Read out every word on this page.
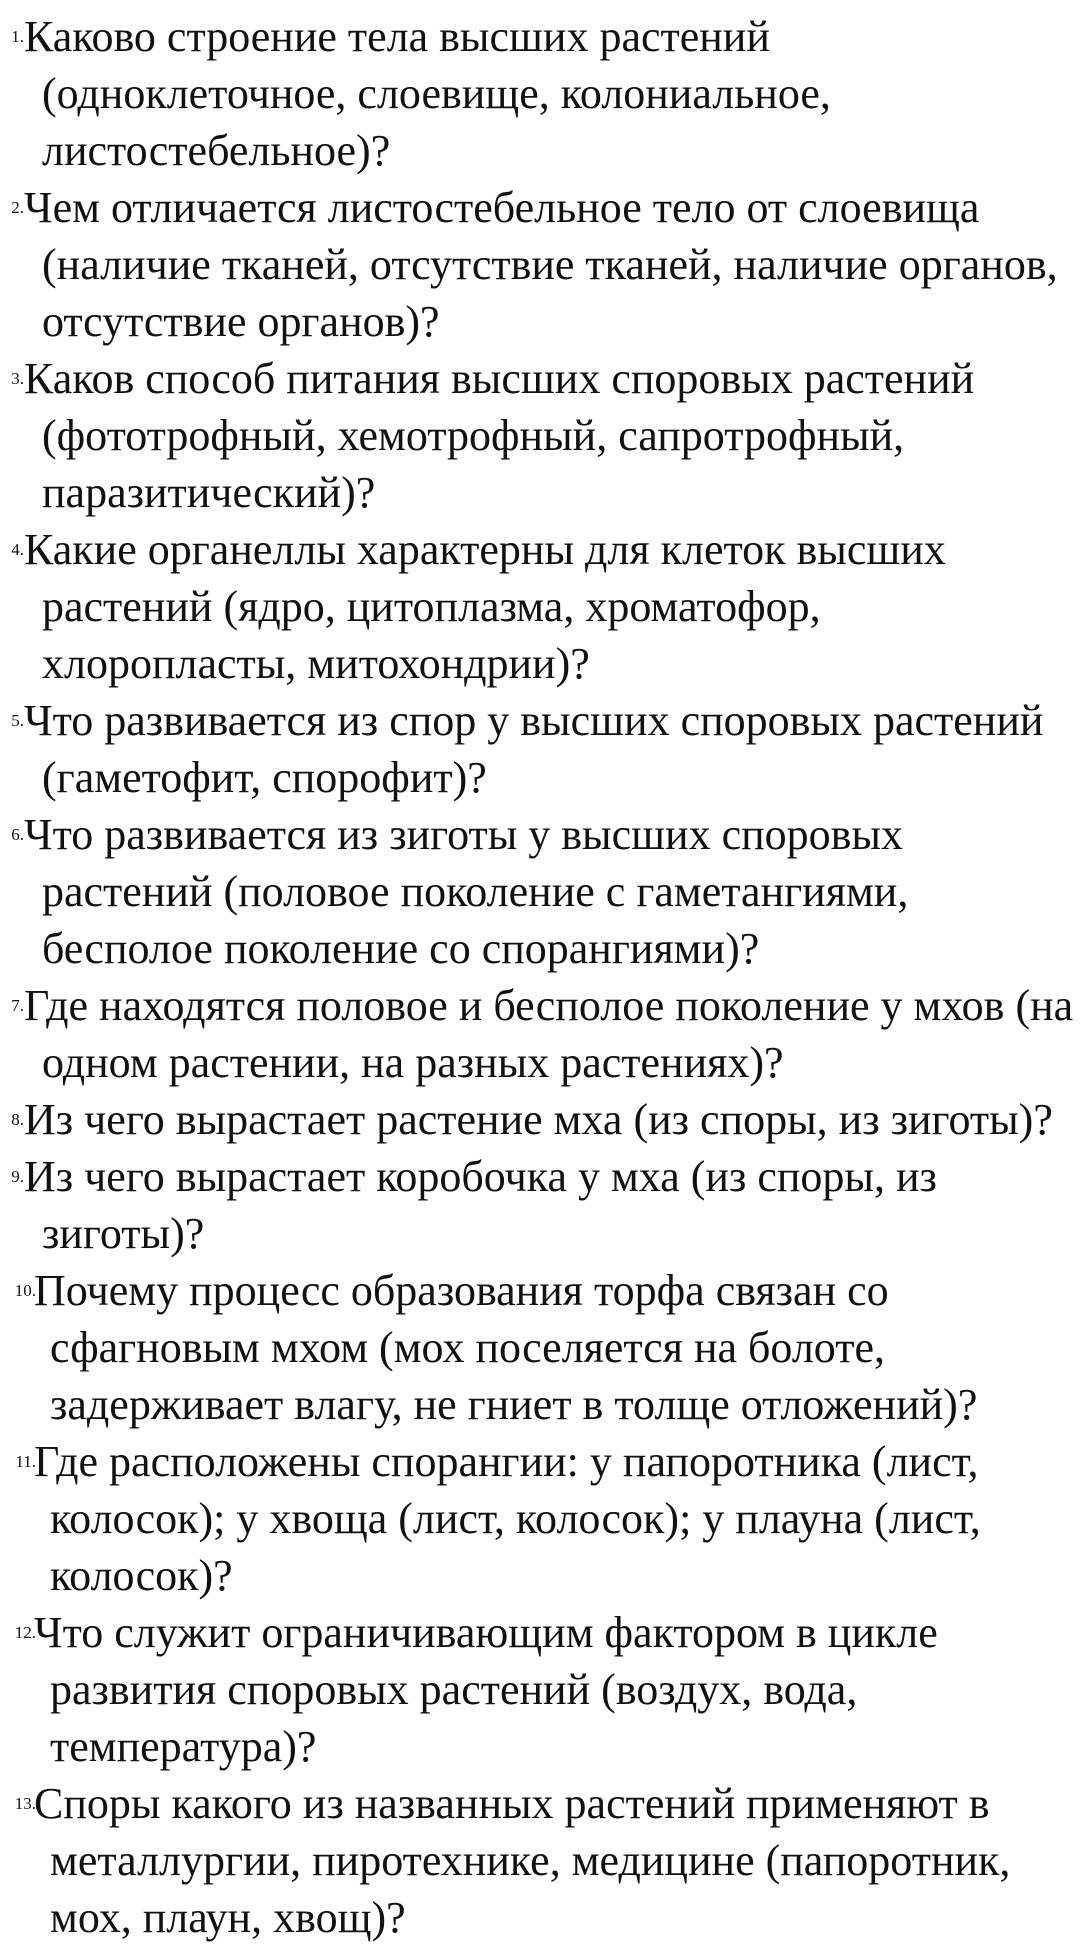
1. Каково строение тела высших растений
(одноклеточное, слоевище, колониальное,
листостебельное)?
2. Чем отличается листостебельное тело от слоевища
(наличие тканей, отсутствие тканей, наличие органов,
отсутствие органов)?
3. Каков способ питания высших споровых растений
(фототрофный, хемотрофный, сапротрофный,
паразитический)?
4. Какие органеллы характерны для клеток высших
растений (ядро, цитоплазма, хроматофор,
хлоропласты, митохондрии)?
5. Что развивается из спор у высших споровых растений
(гаметофит, спорофит)?
6. Что развивается из зиготы у высших споровых
растений (половое поколение с гаметангиями,
бесполое поколение со спорангиями)?
7. Где находятся половое и бесполое поколение у мхов (на
одном растении, на разных растениях)?
8. Из чего вырастает растение мха (из споры, из зиготы)?
9. Из чего вырастает коробочка у мха (из споры, из
зиготы)?
10.
Почему процесс образования торфа связан со
сфагновым мхом (мох поселяется на болоте,
задерживает влагу, не гниет в толще отложений)?
11.
Где расположены спорангии: у папоротника (лист,
колосок); у хвоща (лист, колосок); у плауна (лист,
колосок)?
12.
Что служит ограничивающим фактором в цикле
развития споровых растений (воздух, вода,
температура)?
13.
Споры какого из названных растений применяют в
металлургии, пиротехнике, медицине (папоротник,
мох, плаун, хвощ)?
